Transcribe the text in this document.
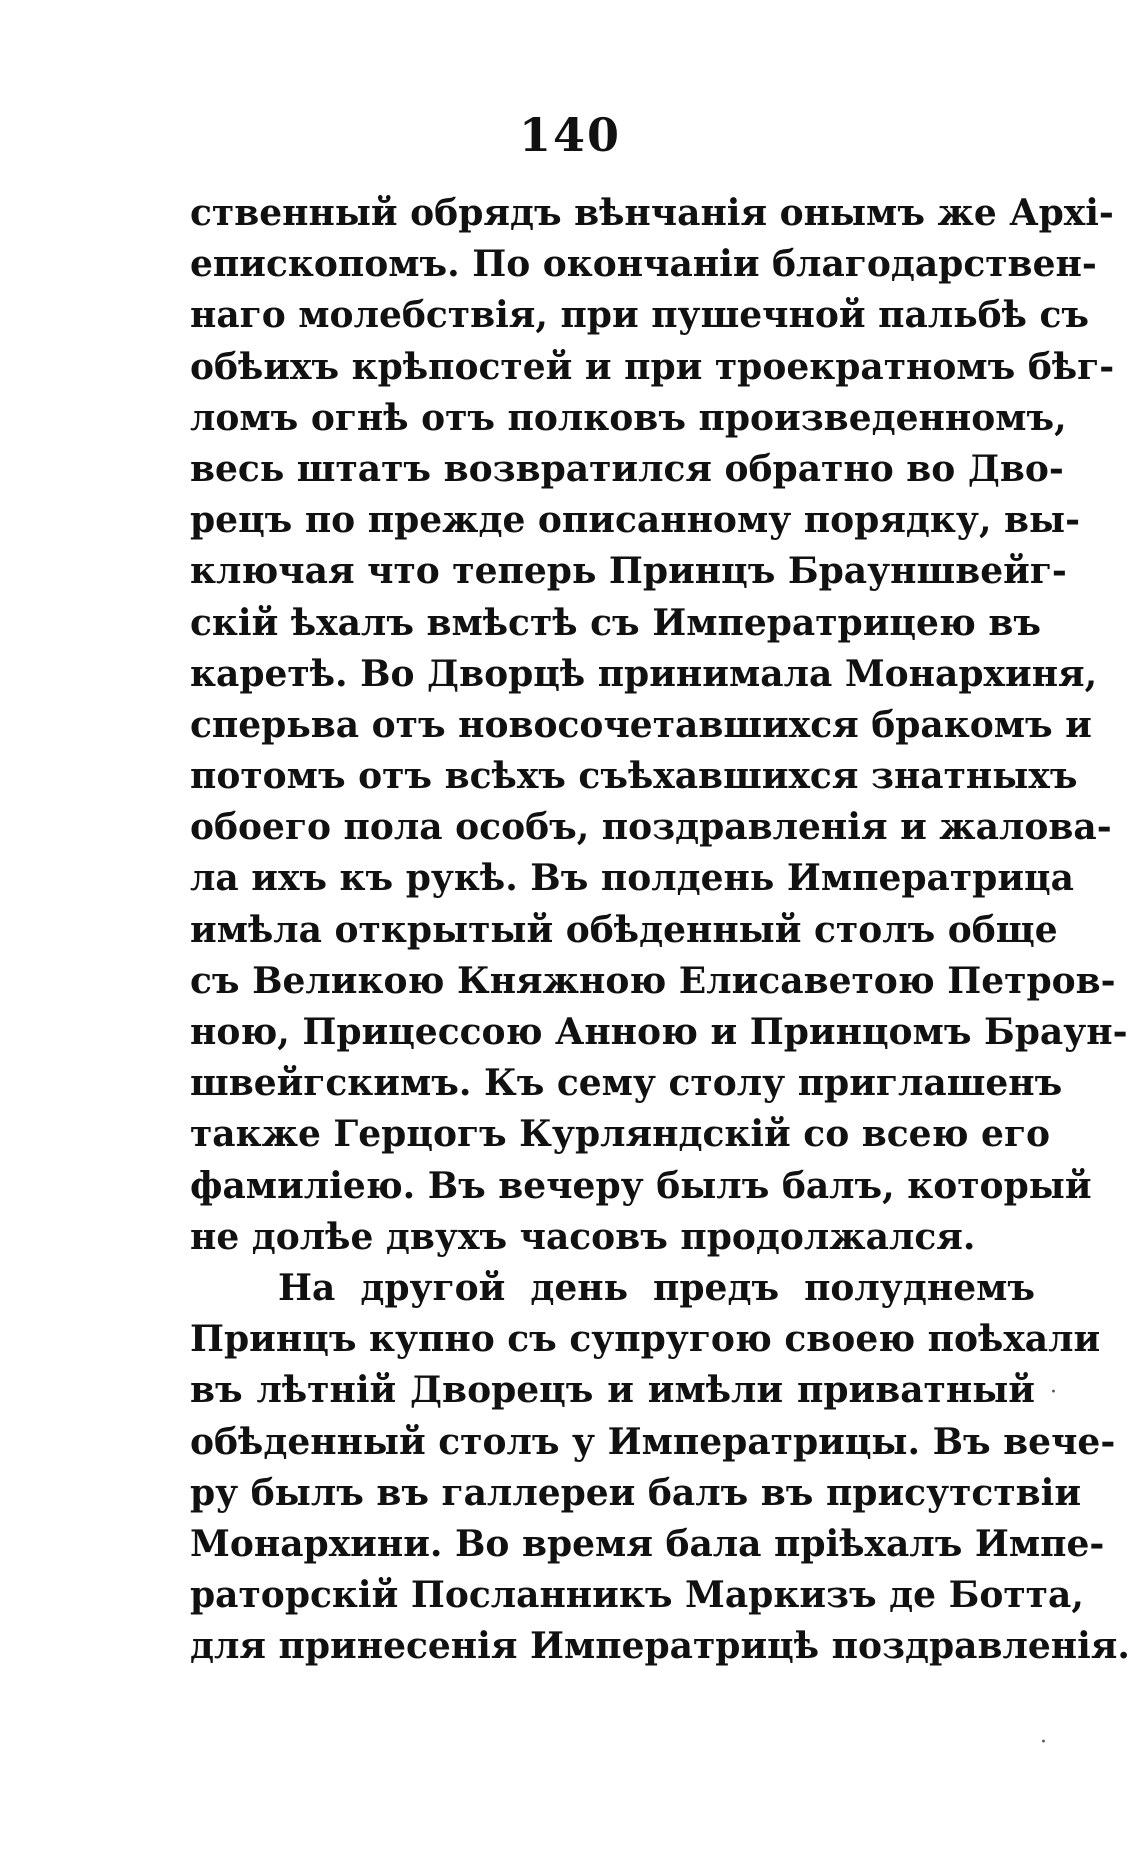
140
ственный обрядъ вѣнчанія онымъ же Архі-
епископомъ. По окончаніи благодарствен-
наго молебствія, при пушечной пальбѣ съ
обѣихъ крѣпостей и при троекратномъ бѣг-
ломъ огнѣ отъ полковъ произведенномъ,
весь штатъ возвратился обратно во Дво-
рецъ по прежде описанному порядку, вы-
ключая что теперь Принцъ Брауншвейг-
скій ѣхалъ вмѣстѣ съ Императрицею въ
каретѣ. Во Дворцѣ принимала Монархиня,
сперьва отъ новосочетавшихся бракомъ и
потомъ отъ всѣхъ съѣхавшихся знатныхъ
обоего пола особъ, поздравленія и жалова-
ла ихъ къ рукѣ. Въ полдень Императрица
имѣла открытый обѣденный столъ обще
съ Великою Княжною Елисаветою Петров-
ною, Прицессою Анною и Принцомъ Браун-
швейгскимъ. Къ сему столу приглашенъ
также Герцогъ Курляндскій со всею его
фамиліею. Въ вечеру былъ балъ, который
не долѣе двухъ часовъ продолжался.
На другой день предъ полуднемъ
Принцъ купно съ супругою своею поѣхали
въ лѣтній Дворецъ и имѣли приватный
обѣденный столъ у Императрицы. Въ вече-
ру былъ въ галлереи балъ въ присутствіи
Монархини. Во время бала пріѣхалъ Импе-
раторскій Посланникъ Маркизъ де Ботта,
для принесенія Императрицѣ поздравленія.
·
·
